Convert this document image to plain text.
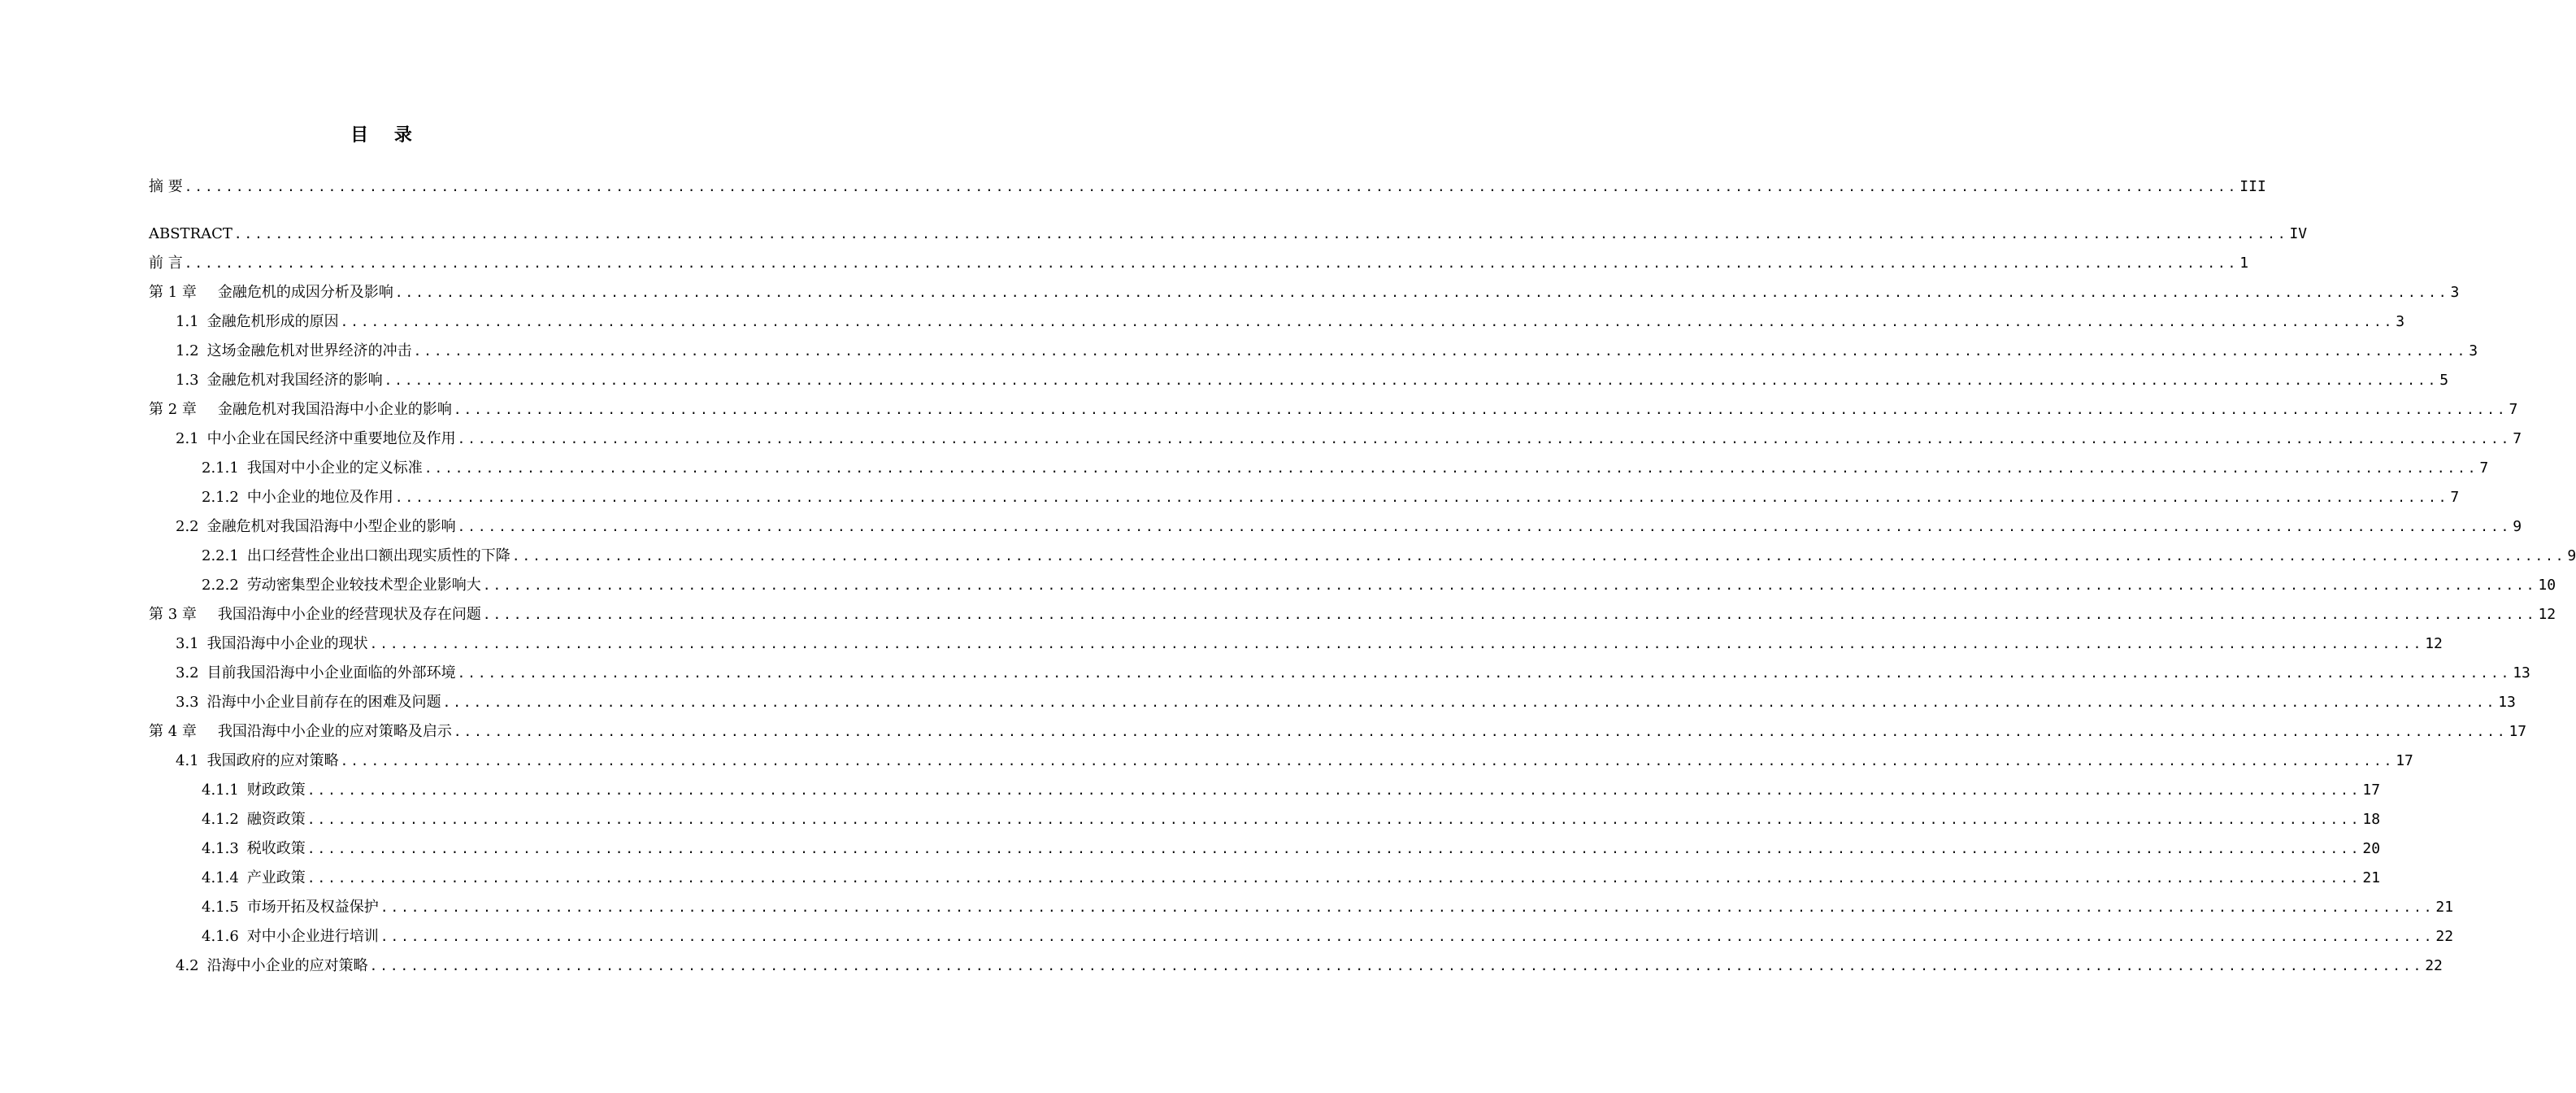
目 录
摘 要 ........................................................................................................................................................................................................ III
ABSTRACT ........................................................................................................................................................................................................ IV
前 言 ........................................................................................................................................................................................................ 1
第 1 章 金融危机的成因分析及影响 ........................................................................................................................................................................................................ 3
1.1 金融危机形成的原因 ........................................................................................................................................................................................................ 3
1.2 这场金融危机对世界经济的冲击 ........................................................................................................................................................................................................ 3
1.3 金融危机对我国经济的影响 ........................................................................................................................................................................................................ 5
第 2 章 金融危机对我国沿海中小企业的影响 ........................................................................................................................................................................................................ 7
2.1 中小企业在国民经济中重要地位及作用 ........................................................................................................................................................................................................ 7
2.1.1 我国对中小企业的定义标准 ........................................................................................................................................................................................................ 7
2.1.2 中小企业的地位及作用 ........................................................................................................................................................................................................ 7
2.2 金融危机对我国沿海中小型企业的影响 ........................................................................................................................................................................................................ 9
2.2.1 出口经营性企业出口额出现实质性的下降 ........................................................................................................................................................................................................ 9
2.2.2 劳动密集型企业较技术型企业影响大 ........................................................................................................................................................................................................ 10
第 3 章 我国沿海中小企业的经营现状及存在问题 ........................................................................................................................................................................................................ 12
3.1 我国沿海中小企业的现状 ........................................................................................................................................................................................................ 12
3.2 目前我国沿海中小企业面临的外部环境 ........................................................................................................................................................................................................ 13
3.3 沿海中小企业目前存在的困难及问题 ........................................................................................................................................................................................................ 13
第 4 章 我国沿海中小企业的应对策略及启示 ........................................................................................................................................................................................................ 17
4.1 我国政府的应对策略 ........................................................................................................................................................................................................ 17
4.1.1 财政政策 ........................................................................................................................................................................................................ 17
4.1.2 融资政策 ........................................................................................................................................................................................................ 18
4.1.3 税收政策 ........................................................................................................................................................................................................ 20
4.1.4 产业政策 ........................................................................................................................................................................................................ 21
4.1.5 市场开拓及权益保护 ........................................................................................................................................................................................................ 21
4.1.6 对中小企业进行培训 ........................................................................................................................................................................................................ 22
4.2 沿海中小企业的应对策略 ........................................................................................................................................................................................................ 22
